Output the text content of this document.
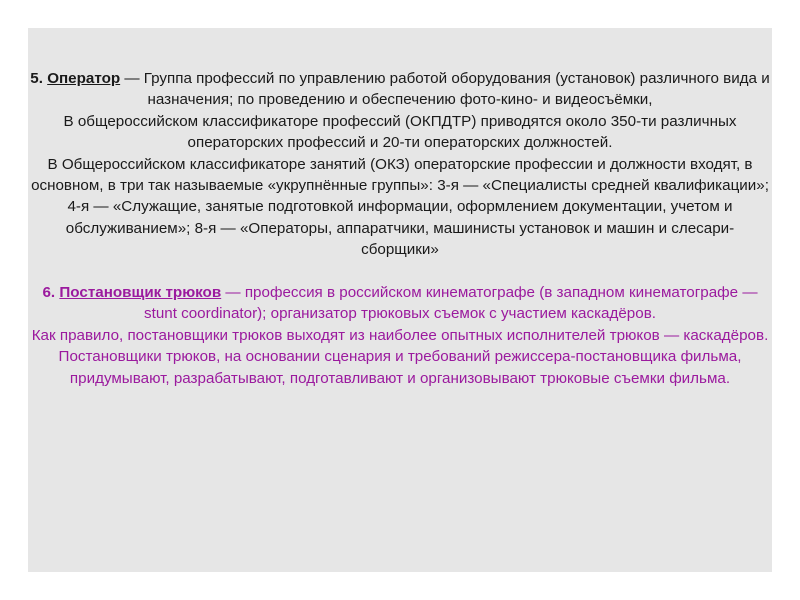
5. Оператор — Группа профессий по управлению работой оборудования (установок) различного вида и назначения; по проведению и обеспечению фото-кино- и видеосъёмки,

В общероссийском классификаторе профессий (ОКПДТР) приводятся около 350-ти различных операторских профессий и 20-ти операторских должностей.

В Общероссийском классификаторе занятий (ОКЗ) операторские профессии и должности входят, в основном, в три так называемые «укрупнённые группы»: 3-я — «Специалисты средней квалификации»; 4-я — «Служащие, занятые подготовкой информации, оформлением документации, учетом и обслуживанием»; 8-я — «Операторы, аппаратчики, машинисты установок и машин и слесари-сборщики»

6. Постановщик трюков — профессия в российском кинематографе (в западном кинематографе — stunt coordinator); организатор трюковых съемок с участием каскадёров.

Как правило, постановщики трюков выходят из наиболее опытных исполнителей трюков — каскадёров.

Постановщики трюков, на основании сценария и требований режиссера-постановщика фильма, придумывают, разрабатывают, подготавливают и организовывают трюковые съемки фильма.
